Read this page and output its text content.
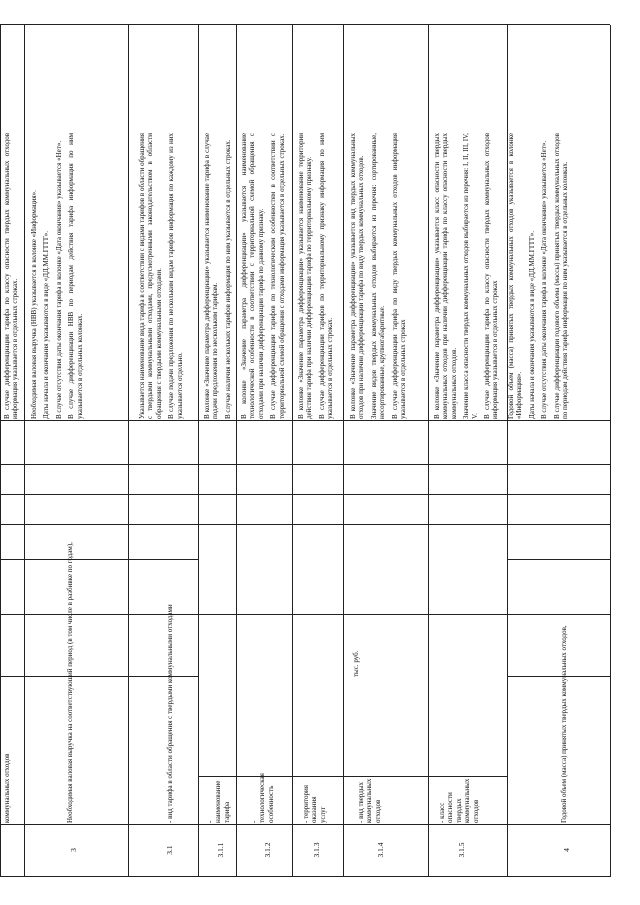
коммунальных отходов

В случае дифференциации тарифа по классу опасности твердых коммунальных отходов информация указывается в отдельных строках.

3
Необходимая валовая выручка на соответствующий период (в том числе в разбивке по годам),

Необходимая валовая выручка (НВВ) указывается в колонке «Информация». Даты начала и окончания указываются в виде «ДД.ММ.ГГГГ». В случае отсутствия даты окончания тарифа в колонке «Дата окончания» указывается «Нет». В случае дифференциации НВВ по периодам действия тарифа информация по ним указывается в отдельных колонках.

3.1
- вид тарифа в области обращения с твердыми коммунальными отходами

Указывается наименование вида тарифа в соответствии с видами тарифов в области обращения с твердыми коммунальными отходами, предусмотренными законодательством в области обращения с твердыми коммунальными отходами. В случае подачи предложения по нескольким видам тарифов информация по каждому из них указывается отдельно.

3.1.1
- наименование тарифа

В колонке «Значение параметра дифференциации» указывается наименование тарифа в случае подачи предложения по нескольким тарифам. В случае наличия нескольких тарифов информация по ним указывается в отдельных строках.

3.1.2
- технологическая особенность

В колонке «Значение параметра дифференциации» указывается наименование технологической особенности в соответствии с территориальной схемой обращения с отходами при наличии дифференциации тарифа по данному признаку. В случае дифференциации тарифов по технологическим особенностям в соответствии с территориальной схемой обращения с отходами информация указывается в отдельных строках.

3.1.3
- территория оказания услуг

В колонке «Значение параметра дифференциации» указывается наименование территории действия тарифа при наличии дифференциации тарифа по территориальному признаку. В случае дифференциации тарифов по территориальному признаку информация по ним указывается в отдельных строках.

тыс. руб.
3.1.4
- вид твердых коммунальных отходов

В колонке «Значение параметра дифференциации» указывается вид твердых коммунальных отходов при наличии дифференциации тарифа по виду твердых коммунальных отходов. Значение видов твердых коммунальных отходов выбирается из перечня: сортированные, несортированные, крупногабаритные. В случае дифференциации тарифа по виду твердых коммунальных отходов информация указывается в отдельных строках

3.1.5
- класс опасности твердых коммунальных отходов

В колонке «Значение параметра дифференциации» указывается класс опасности твердых коммунальных отходов при наличии дифференциации тарифа по классу опасности твердых коммунальных отходов. Значение класса опасности твердых коммунальных отходов выбирается из перечня: I, II, III, IV, V. В случае дифференциации тарифа по классу опасности твердых коммунальных отходов информация указывается в отдельных строках

4
Годовой объем (масса) принятых твердых коммунальных отходов,

Годовой объем (масса) принятых твердых коммунальных отходов указывается в колонке «Информация». Даты начала и окончания указываются в виде «ДД.ММ.ГГГГ». В случае отсутствия даты окончания тарифа в колонке «Дата окончания» указывается «Нет». В случае дифференциации годового объема (массы) принятых твердых коммунальных отходов по периодам действия тарифа информация по ним указывается в отдельных колонках.
